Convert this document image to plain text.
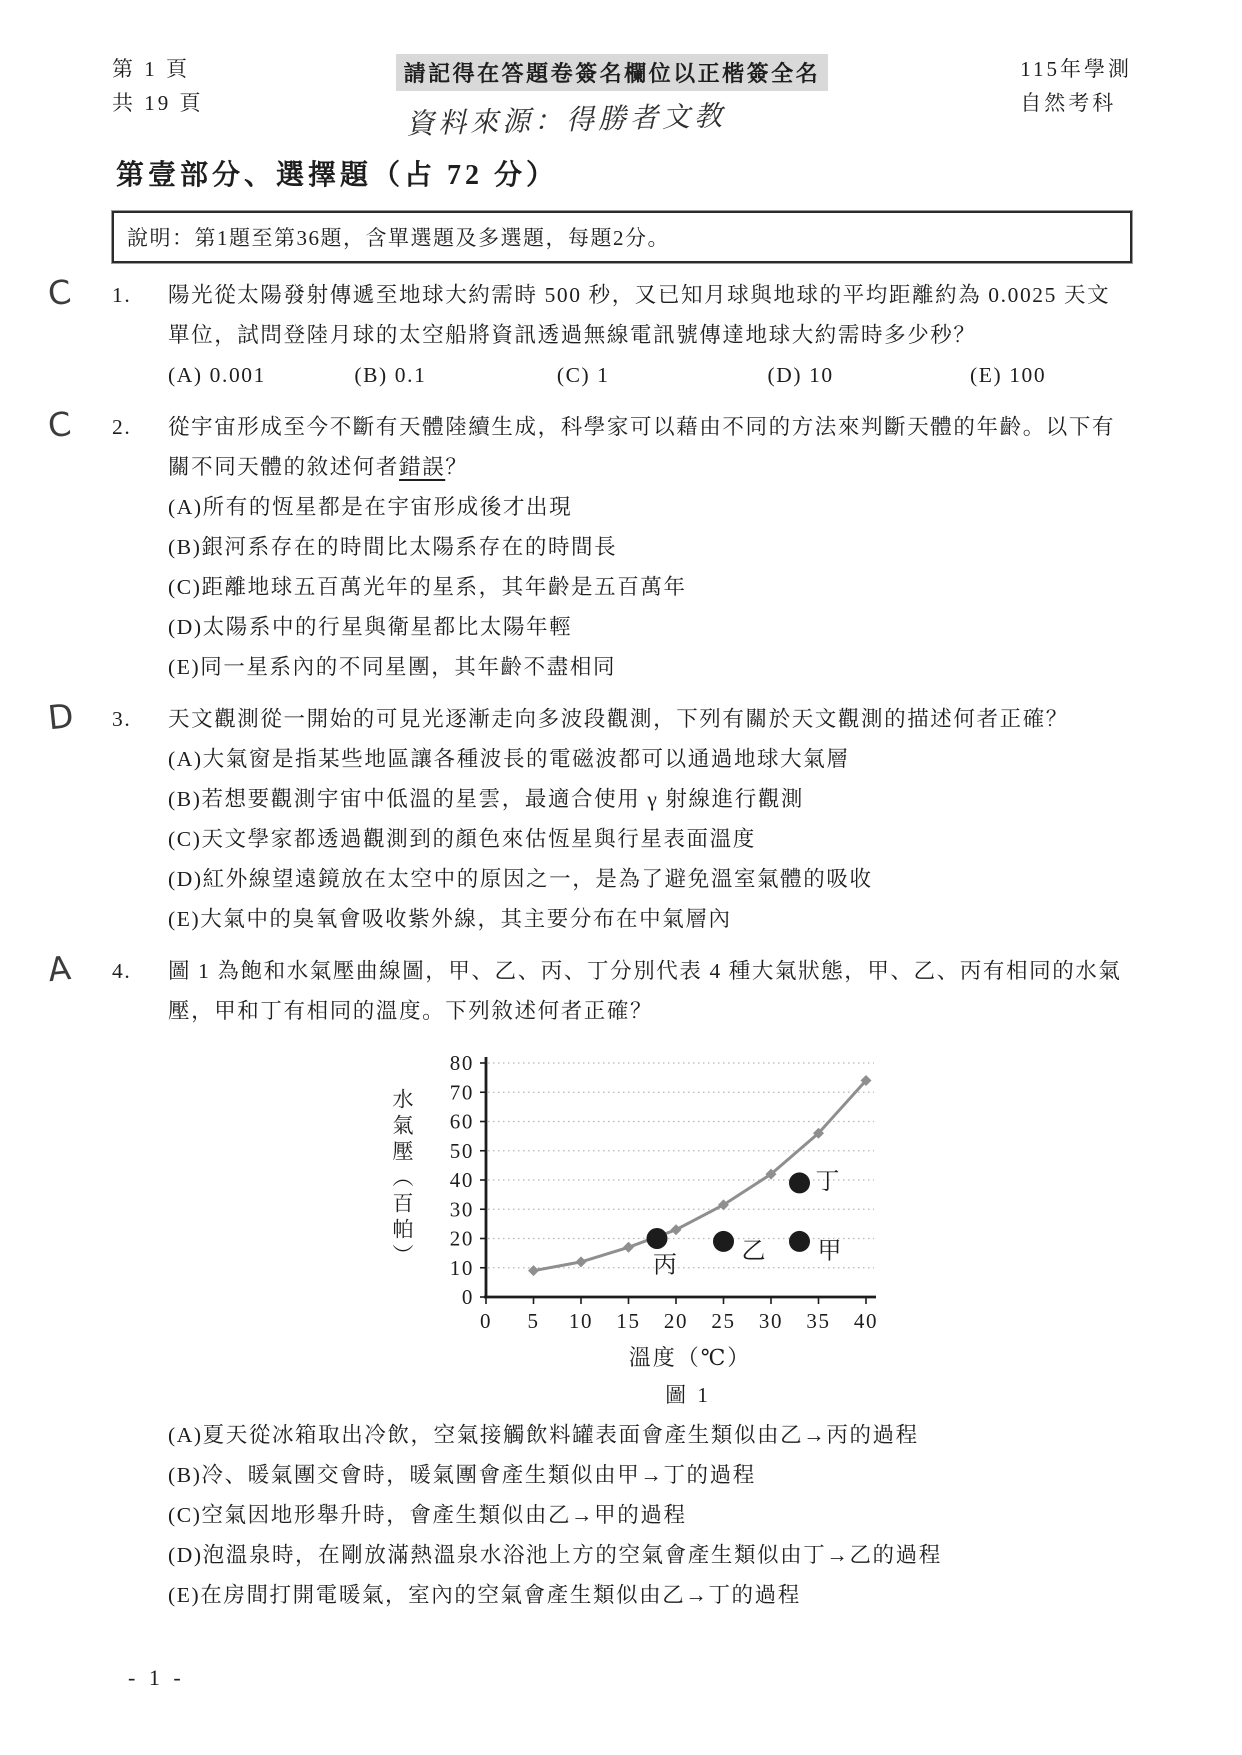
第 1 頁
共 19 頁
請記得在答題卷簽名欄位以正楷簽全名
資料來源：得勝者文教
115年學測
自然考科
第壹部分、選擇題（占 72 分）
說明：第1題至第36題，含單選題及多選題，每題2分。
C 1.	陽光從太陽發射傳遞至地球大約需時 500 秒，又已知月球與地球的平均距離約為 0.0025 天文單位，試問登陸月球的太空船將資訊透過無線電訊號傳達地球大約需時多少秒？

(A) 0.001	(B) 0.1	(C) 1	(D) 10	(E) 100
C 2.	從宇宙形成至今不斷有天體陸續生成，科學家可以藉由不同的方法來判斷天體的年齡。以下有關不同天體的敘述何者錯誤？

(A)所有的恆星都是在宇宙形成後才出現
(B)銀河系存在的時間比太陽系存在的時間長
(C)距離地球五百萬光年的星系，其年齡是五百萬年
(D)太陽系中的行星與衛星都比太陽年輕
(E)同一星系內的不同星團，其年齡不盡相同
D 3.	天文觀測從一開始的可見光逐漸走向多波段觀測，下列有關於天文觀測的描述何者正確？

(A)大氣窗是指某些地區讓各種波長的電磁波都可以通過地球大氣層
(B)若想要觀測宇宙中低溫的星雲，最適合使用 γ 射線進行觀測
(C)天文學家都透過觀測到的顏色來估恆星與行星表面溫度
(D)紅外線望遠鏡放在太空中的原因之一，是為了避免溫室氣體的吸收
(E)大氣中的臭氧會吸收紫外線，其主要分布在中氣層內
A 4.	圖 1 為飽和水氣壓曲線圖，甲、乙、丙、丁分別代表 4 種大氣狀態，甲、乙、丙有相同的水氣壓，甲和丁有相同的溫度。下列敘述何者正確？

水氣壓（百帕）
0
10
20
30
40
50
60
70
80
0 5 10 15 20 25 30 35 40
溫度（℃）
丙
乙 甲
丁
圖 1
(A)夏天從冰箱取出冷飲，空氣接觸飲料罐表面會產生類似由乙→丙的過程
(B)冷、暖氣團交會時，暖氣團會產生類似由甲→丁的過程
(C)空氣因地形舉升時，會產生類似由乙→甲的過程
(D)泡溫泉時，在剛放滿熱溫泉水浴池上方的空氣會產生類似由丁→乙的過程
(E)在房間打開電暖氣，室內的空氣會產生類似由乙→丁的過程
- 1 -
